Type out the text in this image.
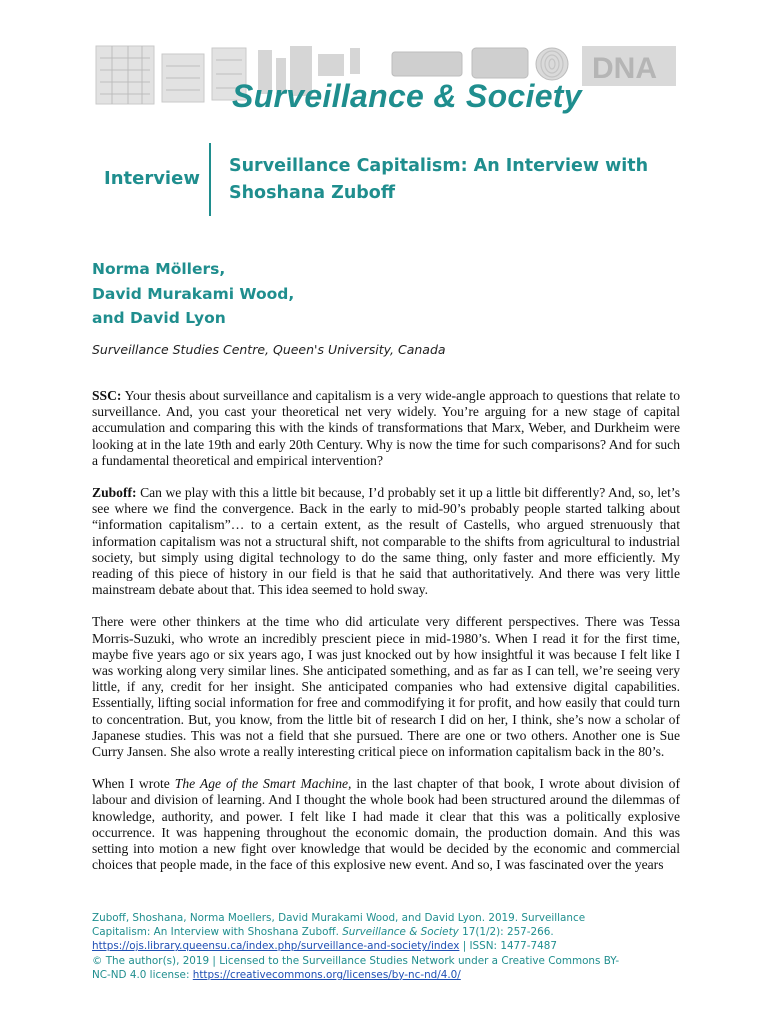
DNA
Surveillance & Society
Interview
Surveillance Capitalism: An Interview with Shoshana Zuboff
Norma Möllers,
David Murakami Wood,
and David Lyon
Surveillance Studies Centre, Queen's University, Canada

SSC: Your thesis about surveillance and capitalism is a very wide-angle approach to questions that relate to surveillance. And, you cast your theoretical net very widely. You’re arguing for a new stage of capital accumulation and comparing this with the kinds of transformations that Marx, Weber, and Durkheim were looking at in the late 19th and early 20th Century. Why is now the time for such comparisons? And for such a fundamental theoretical and empirical intervention?

Zuboff: Can we play with this a little bit because, I’d probably set it up a little bit differently? And, so, let’s see where we find the convergence. Back in the early to mid-90’s probably people started talking about “information capitalism”… to a certain extent, as the result of Castells, who argued strenuously that information capitalism was not a structural shift, not comparable to the shifts from agricultural to industrial society, but simply using digital technology to do the same thing, only faster and more efficiently. My reading of this piece of history in our field is that he said that authoritatively. And there was very little mainstream debate about that. This idea seemed to hold sway.

There were other thinkers at the time who did articulate very different perspectives. There was Tessa Morris-Suzuki, who wrote an incredibly prescient piece in mid-1980’s. When I read it for the first time, maybe five years ago or six years ago, I was just knocked out by how insightful it was because I felt like I was working along very similar lines. She anticipated something, and as far as I can tell, we’re seeing very little, if any, credit for her insight. She anticipated companies who had extensive digital capabilities. Essentially, lifting social information for free and commodifying it for profit, and how easily that could turn to concentration. But, you know, from the little bit of research I did on her, I think, she’s now a scholar of Japanese studies. This was not a field that she pursued. There are one or two others. Another one is Sue Curry Jansen. She also wrote a really interesting critical piece on information capitalism back in the 80’s.

When I wrote The Age of the Smart Machine, in the last chapter of that book, I wrote about division of labour and division of learning. And I thought the whole book had been structured around the dilemmas of knowledge, authority, and power. I felt like I had made it clear that this was a politically explosive occurrence. It was happening throughout the economic domain, the production domain. And this was setting into motion a new fight over knowledge that would be decided by the economic and commercial choices that people made, in the face of this explosive new event. And so, I was fascinated over the years

Zuboff, Shoshana, Norma Moellers, David Murakami Wood, and David Lyon. 2019. Surveillance
Capitalism: An Interview with Shoshana Zuboff. Surveillance & Society 17(1/2): 257-266.
https://ojs.library.queensu.ca/index.php/surveillance-and-society/index | ISSN: 1477-7487
© The author(s), 2019 | Licensed to the Surveillance Studies Network under a Creative Commons BY-
NC-ND 4.0 license: https://creativecommons.org/licenses/by-nc-nd/4.0/
